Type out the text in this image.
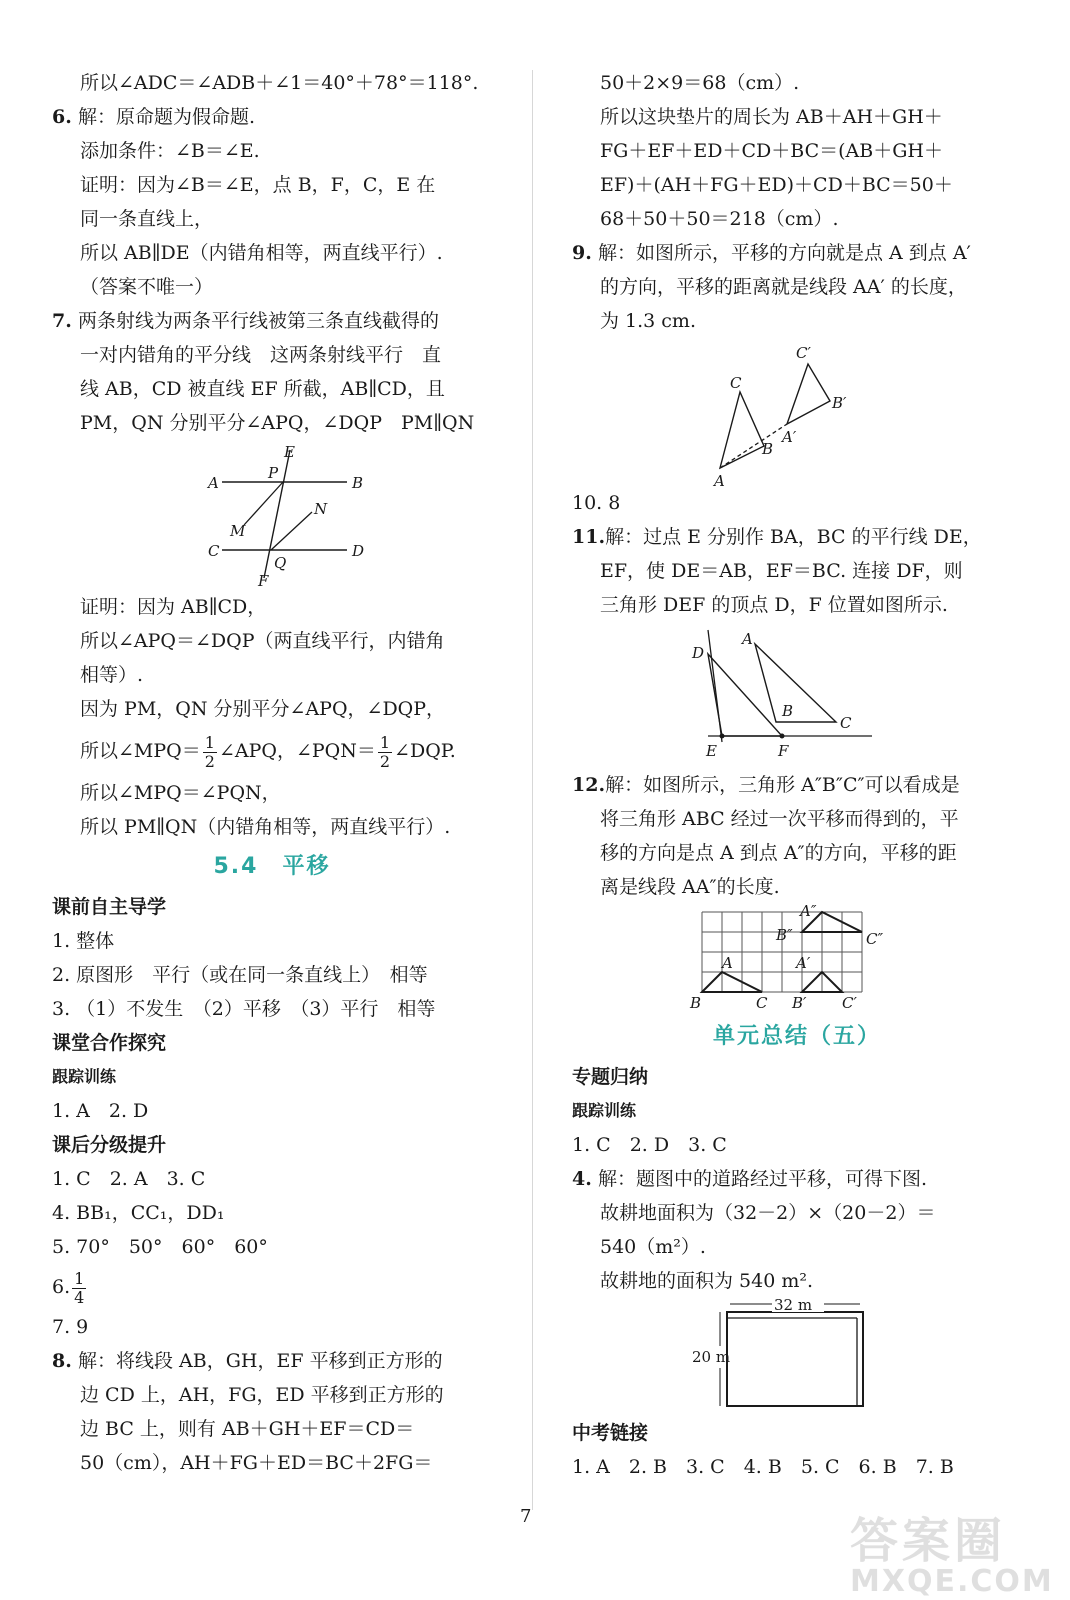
所以∠ADC＝∠ADB＋∠1＝40°＋78°＝118°.
6. 解：原命题为假命题.
添加条件：∠B＝∠E.
证明：因为∠B＝∠E，点 B，F，C，E 在
同一条直线上，
所以 AB∥DE（内错角相等，两直线平行）.
（答案不唯一）
7. 两条射线为两条平行线被第三条直线截得的
一对内错角的平分线　这两条射线平行　直
线 AB，CD 被直线 EF 所截，AB∥CD，且
PM，QN 分别平分∠APQ，∠DQP　PM∥QN
A	B
C	D
E
F
P
Q
M
N
证明：因为 AB∥CD，
所以∠APQ＝∠DQP（两直线平行，内错角
相等）.
因为 PM，QN 分别平分∠APQ，∠DQP，
所以∠MPQ＝ $\frac{1}{2}$ ∠APQ，∠PQN＝ $\frac{1}{2}$ ∠DQP.
所以∠MPQ＝∠PQN，
所以 PM∥QN（内错角相等，两直线平行）.
5.4　平移
课前自主导学
1. 整体
2. 原图形　平行（或在同一条直线上）　相等
3. （1）不发生　（2）平移　（3）平行　相等
课堂合作探究
跟踪训练
1. A　2. D
课后分级提升
1. C　2. A　3. C
4. BB₁，CC₁，DD₁
5. 70°　50°　60°　60°
6. $\frac{1}{4}$
7. 9
8. 解：将线段 AB，GH，EF 平移到正方形的
边 CD 上，AH，FG，ED 平移到正方形的
边 BC 上，则有 AB＋GH＋EF＝CD＝
50（cm），AH＋FG＋ED＝BC＋2FG＝
50＋2×9＝68（cm）.
所以这块垫片的周长为 AB＋AH＋GH＋
FG＋EF＋ED＋CD＋BC＝(AB＋GH＋
EF)＋(AH＋FG＋ED)＋CD＋BC＝50＋
68＋50＋50＝218（cm）.
9. 解：如图所示，平移的方向就是点 A 到点 A′
的方向，平移的距离就是线段 AA′ 的长度，
为 1.3 cm.
A
B
C
A′
B′
C′
10. 8
11.解：过点 E 分别作 BA，BC 的平行线 DE，
EF，使 DE＝AB，EF＝BC. 连接 DF，则
三角形 DEF 的顶点 D，F 位置如图所示.
D
E	F
A
B
C
12.解：如图所示，三角形 A″B″C″可以看成是
将三角形 ABC 经过一次平移而得到的，平
移的方向是点 A 到点 A″的方向，平移的距
离是线段 AA″的长度.
A
B	C
A′
B′ C′
A″
B″	C″
单元总结（五）
专题归纳
跟踪训练
1. C　2. D　3. C
4. 解：题图中的道路经过平移，可得下图.
故耕地面积为（32－2）×（20－2）＝
540（m²）.
故耕地的面积为 540 m².
32 m
20 m
中考链接
1. A　2. B　3. C　4. B　5. C　6. B　7. B
7	答案圈
MXQE.COM
